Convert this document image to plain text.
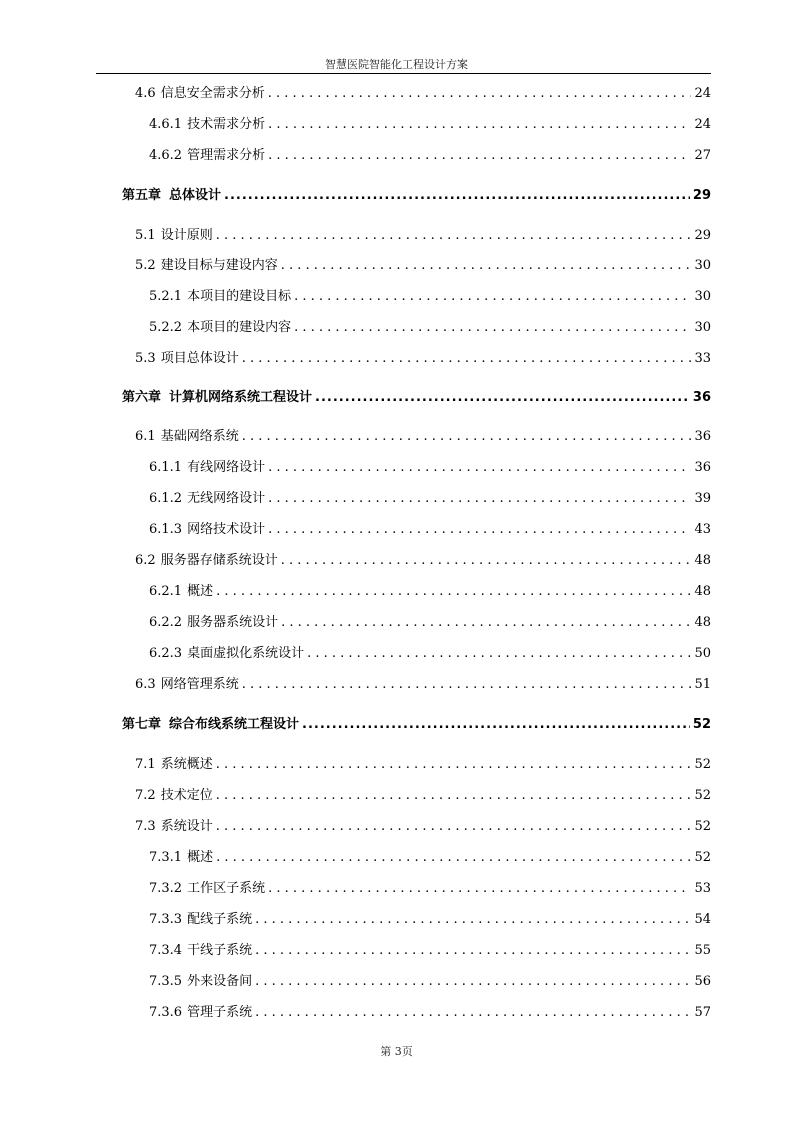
智慧医院智能化工程设计方案
4.6 信息安全需求分析 . . .	24
4.6.1 技术需求分析 . . .	24
4.6.2 管理需求分析 . . .	27
第五章 总体设计 .....	29
5.1 设计原则 . . .	29
5.2 建设目标与建设内容 . . .	30
5.2.1 本项目的建设目标 . . .	30
5.2.2 本项目的建设内容 . . .	30
5.3 项目总体设计 . . .	33
第六章 计算机网络系统工程设计 .....	36
6.1 基础网络系统 . . .	36
6.1.1 有线网络设计 . . .	36
6.1.2 无线网络设计 . . .	39
6.1.3 网络技术设计 . . .	43
6.2 服务器存储系统设计 . . .	48
6.2.1 概述 . . .	48
6.2.2 服务器系统设计 . . .	48
6.2.3 桌面虚拟化系统设计 . . .	50
6.3 网络管理系统 . . .	51
第七章 综合布线系统工程设计 .....	52
7.1 系统概述 . . .	52
7.2 技术定位 . . .	52
7.3 系统设计 . . .	52
7.3.1 概述 . . .	52
7.3.2 工作区子系统 . . .	53
7.3.3 配线子系统 . . .	54
7.3.4 干线子系统 . . .	55
7.3.5 外来设备间 . . .	56
7.3.6 管理子系统 . . .	57
第 3页
